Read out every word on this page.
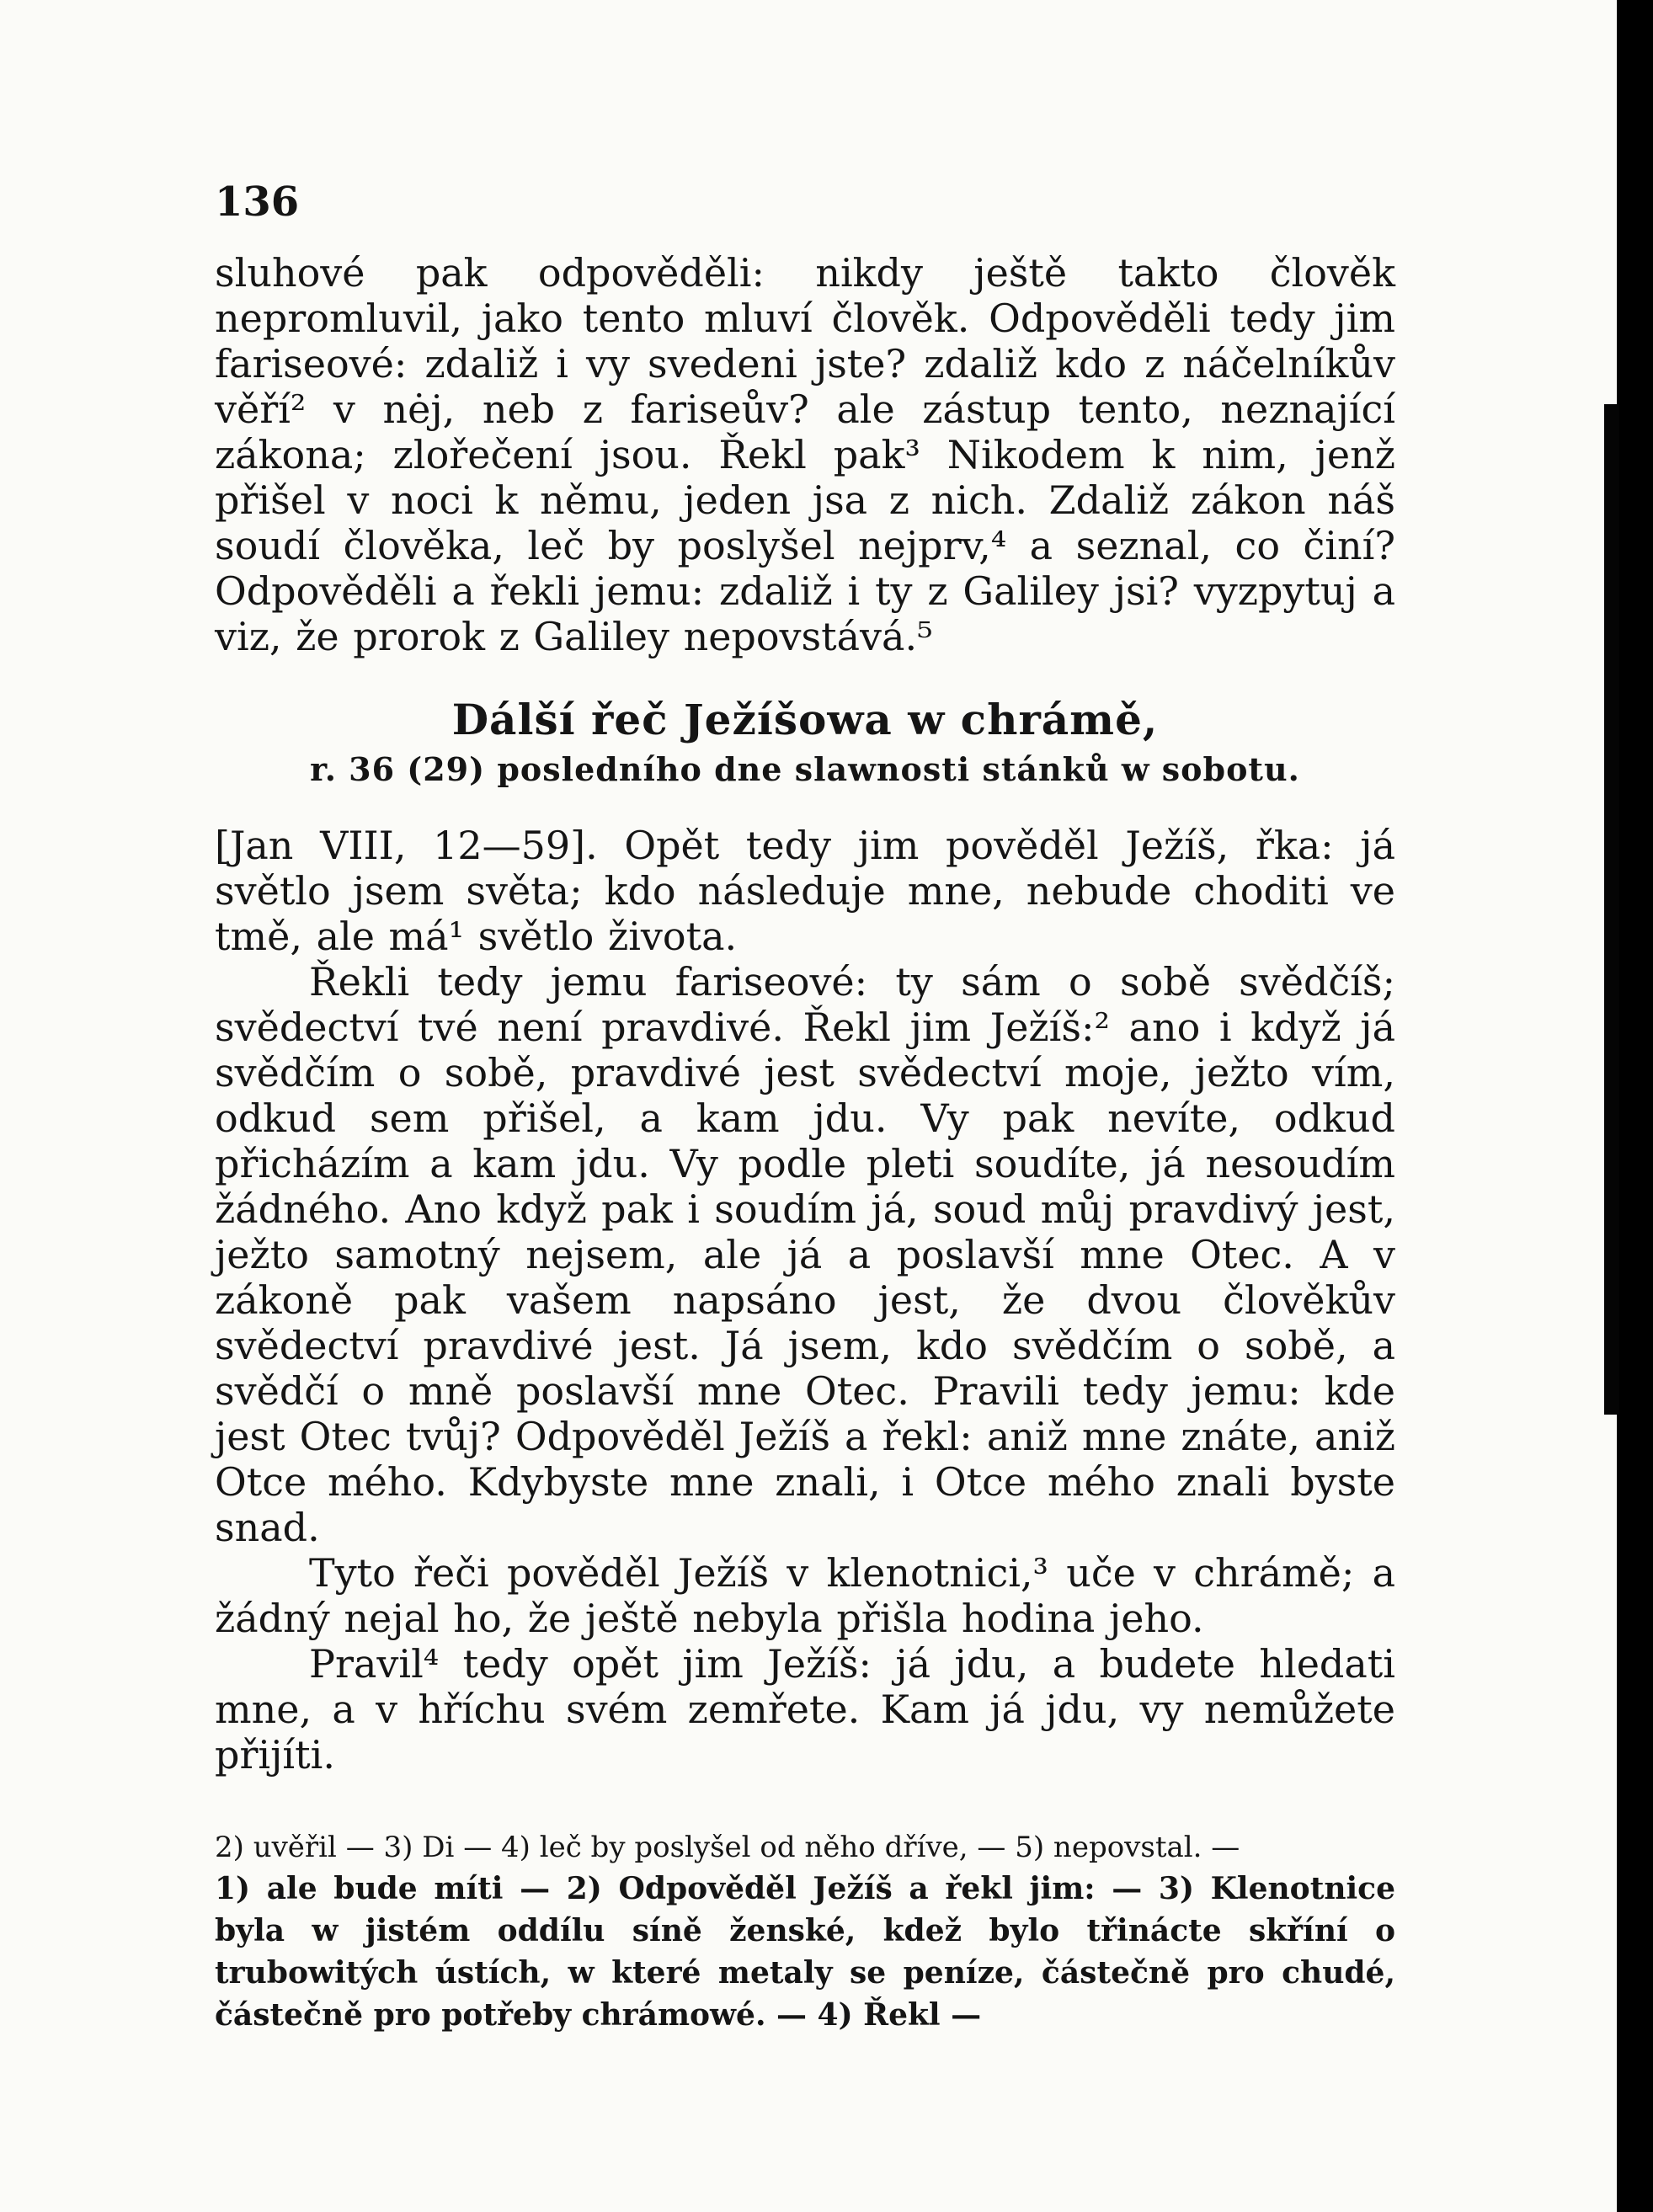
136

sluhové pak odpověděli: nikdy ještě takto člověk nepromluvil, jako tento mluví člověk. Odpověděli tedy jim fariseové: zdaliž i vy svedeni jste? zdaliž kdo z náčelníkův věří² v nėj, neb z fariseův? ale zástup tento, neznající zákona; zlořečení jsou. Řekl pak³ Nikodem k nim, jenž přišel v noci k němu, jeden jsa z nich. Zdaliž zákon náš soudí člověka, leč by poslyšel nejprv,⁴ a seznal, co činí? Odpověděli a řekli jemu: zdaliž i ty z Galiley jsi? vyzpytuj a viz, že prorok z Galiley nepovstává.⁵

Dálší řeč Ježíšowa w chrámě,

r. 36 (29) posledního dne slawnosti stánků w sobotu.

[Jan VIII, 12—59]. Opět tedy jim pověděl Ježíš, řka: já světlo jsem světa; kdo následuje mne, nebude choditi ve tmě, ale má¹ světlo života.

Řekli tedy jemu fariseové: ty sám o sobě svědčíš; svědectví tvé není pravdivé. Řekl jim Ježíš:² ano i když já svědčím o sobě, pravdivé jest svědectví moje, ježto vím, odkud sem přišel, a kam jdu. Vy pak nevíte, odkud přicházím a kam jdu. Vy podle pleti soudíte, já nesoudím žádného. Ano když pak i soudím já, soud můj pravdivý jest, ježto samotný nejsem, ale já a poslavší mne Otec. A v zákoně pak vašem napsáno jest, že dvou člověkův svědectví pravdivé jest. Já jsem, kdo svědčím o sobě, a svědčí o mně poslavší mne Otec. Pravili tedy jemu: kde jest Otec tvůj? Odpověděl Ježíš a řekl: aniž mne znáte, aniž Otce mého. Kdybyste mne znali, i Otce mého znali byste snad.

Tyto řeči pověděl Ježíš v klenotnici,³ uče v chrámě; a žádný nejal ho, že ještě nebyla přišla hodina jeho.

Pravil⁴ tedy opět jim Ježíš: já jdu, a budete hledati mne, a v hříchu svém zemřete. Kam já jdu, vy nemůžete přijíti.

2) uvěřil — 3) Di — 4) leč by poslyšel od něho dříve, — 5) nepovstal. —

1) ale bude míti — 2) Odpověděl Ježíš a řekl jim: — 3) Klenotnice byla w jistém oddílu síně ženské, kdež bylo třinácte skříní o trubowitých ústích, w které metaly se peníze, částečně pro chudé, částečně pro potřeby chrámowé. — 4) Řekl —
